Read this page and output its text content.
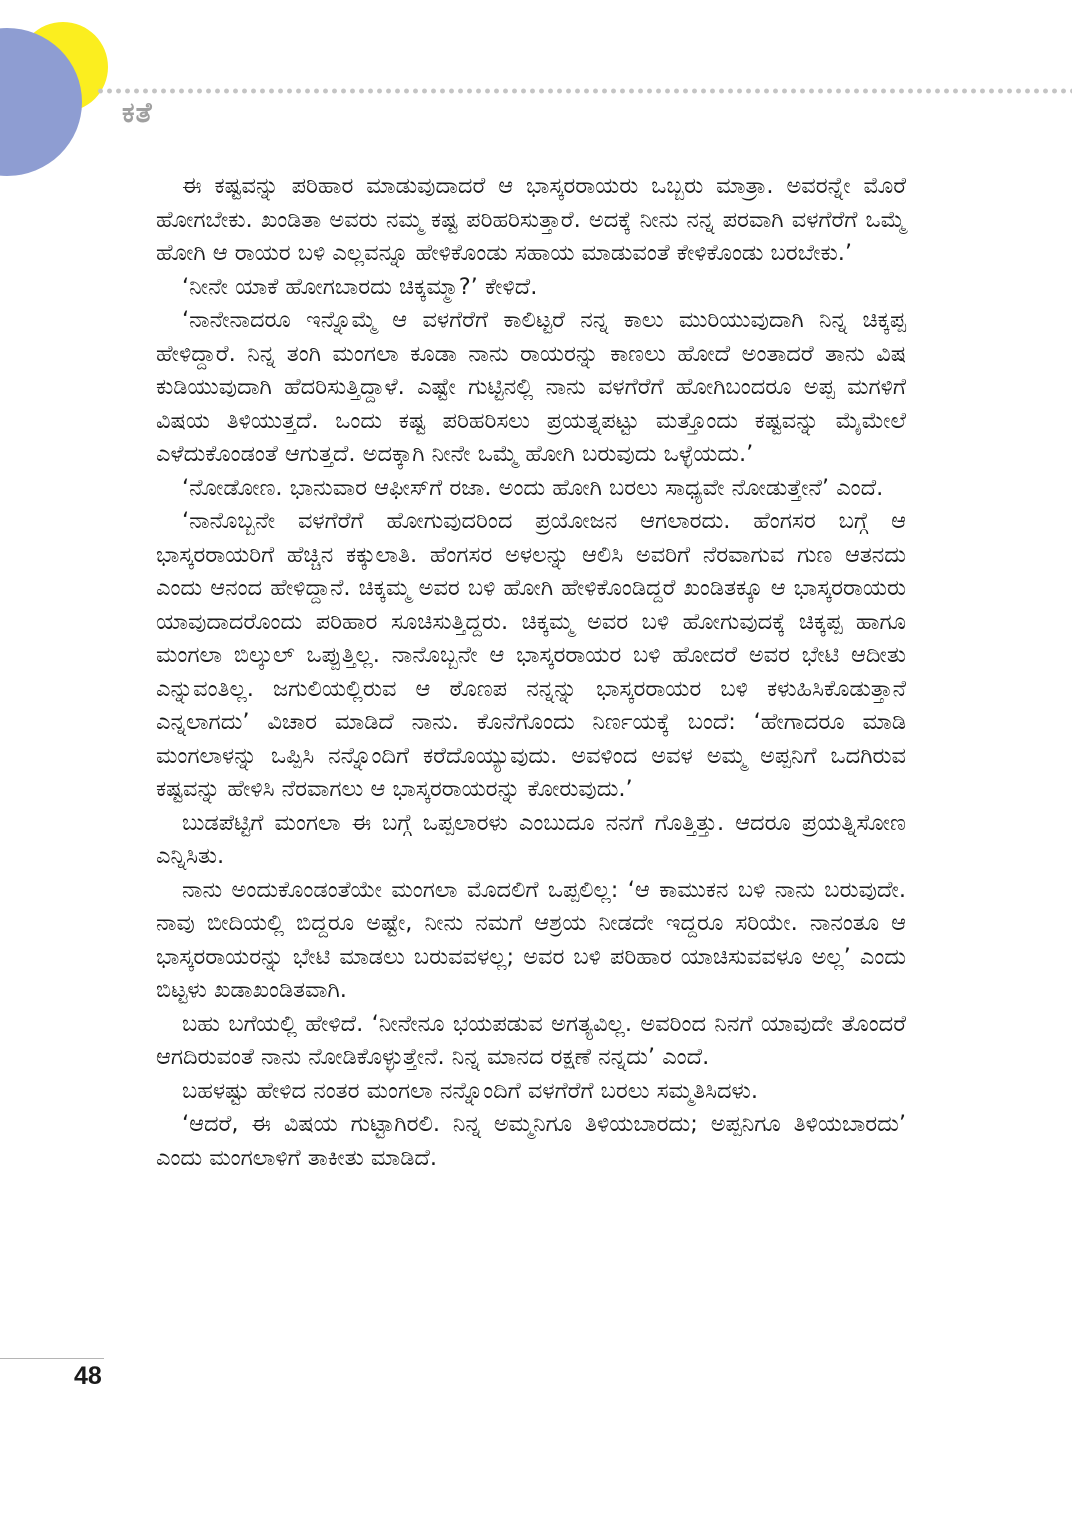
ಕತೆ

ಈ ಕಷ್ಟವನ್ನು ಪರಿಹಾರ ಮಾಡುವುದಾದರೆ ಆ ಭಾಸ್ಕರರಾಯರು ಒಬ್ಬರು ಮಾತ್ರಾ. ಅವರನ್ನೇ ಮೊರೆ ಹೋಗಬೇಕು. ಖಂಡಿತಾ ಅವರು ನಮ್ಮ ಕಷ್ಟ ಪರಿಹರಿಸುತ್ತಾರೆ. ಅದಕ್ಕೆ ನೀನು ನನ್ನ ಪರವಾಗಿ ವಳಗೆರೆಗೆ ಒಮ್ಮೆ ಹೋಗಿ ಆ ರಾಯರ ಬಳಿ ಎಲ್ಲವನ್ನೂ ಹೇಳಿಕೊಂಡು ಸಹಾಯ ಮಾಡುವಂತೆ ಕೇಳಿಕೊಂಡು ಬರಬೇಕು.’

‘ನೀನೇ ಯಾಕೆ ಹೋಗಬಾರದು ಚಿಕ್ಕಮ್ಮಾ?’ ಕೇಳಿದೆ.

‘ನಾನೇನಾದರೂ ಇನ್ನೊಮ್ಮೆ ಆ ವಳಗೆರೆಗೆ ಕಾಲಿಟ್ಟರೆ ನನ್ನ ಕಾಲು ಮುರಿಯುವುದಾಗಿ ನಿನ್ನ ಚಿಕ್ಕಪ್ಪ ಹೇಳಿದ್ದಾರೆ. ನಿನ್ನ ತಂಗಿ ಮಂಗಲಾ ಕೂಡಾ ನಾನು ರಾಯರನ್ನು ಕಾಣಲು ಹೋದೆ ಅಂತಾದರೆ ತಾನು ವಿಷ ಕುಡಿಯುವುದಾಗಿ ಹೆದರಿಸುತ್ತಿದ್ದಾಳೆ. ಎಷ್ಟೇ ಗುಟ್ಟಿನಲ್ಲಿ ನಾನು ವಳಗೆರೆಗೆ ಹೋಗಿಬಂದರೂ ಅಪ್ಪ ಮಗಳಿಗೆ ವಿಷಯ ತಿಳಿಯುತ್ತದೆ. ಒಂದು ಕಷ್ಟ ಪರಿಹರಿಸಲು ಪ್ರಯತ್ನಪಟ್ಟು ಮತ್ತೊಂದು ಕಷ್ಟವನ್ನು ಮೈಮೇಲೆ ಎಳೆದುಕೊಂಡಂತೆ ಆಗುತ್ತದೆ. ಅದಕ್ಕಾಗಿ ನೀನೇ ಒಮ್ಮೆ ಹೋಗಿ ಬರುವುದು ಒಳ್ಳೆಯದು.’

‘ನೋಡೋಣ. ಭಾನುವಾರ ಆಫೀಸ್‌ಗೆ ರಜಾ. ಅಂದು ಹೋಗಿ ಬರಲು ಸಾಧ್ಯವೇ ನೋಡುತ್ತೇನೆ’ ಎಂದೆ.

‘ನಾನೊಬ್ಬನೇ ವಳಗೆರೆಗೆ ಹೋಗುವುದರಿಂದ ಪ್ರಯೋಜನ ಆಗಲಾರದು. ಹೆಂಗಸರ ಬಗ್ಗೆ ಆ ಭಾಸ್ಕರರಾಯರಿಗೆ ಹೆಚ್ಚಿನ ಕಕ್ಕುಲಾತಿ. ಹೆಂಗಸರ ಅಳಲನ್ನು ಆಲಿಸಿ ಅವರಿಗೆ ನೆರವಾಗುವ ಗುಣ ಆತನದು ಎಂದು ಆನಂದ ಹೇಳಿದ್ದಾನೆ. ಚಿಕ್ಕಮ್ಮ ಅವರ ಬಳಿ ಹೋಗಿ ಹೇಳಿಕೊಂಡಿದ್ದರೆ ಖಂಡಿತಕ್ಕೂ ಆ ಭಾಸ್ಕರರಾಯರು ಯಾವುದಾದರೊಂದು ಪರಿಹಾರ ಸೂಚಿಸುತ್ತಿದ್ದರು. ಚಿಕ್ಕಮ್ಮ ಅವರ ಬಳಿ ಹೋಗುವುದಕ್ಕೆ ಚಿಕ್ಕಪ್ಪ ಹಾಗೂ ಮಂಗಲಾ ಬಿಲ್ಕುಲ್ ಒಪ್ಪುತ್ತಿಲ್ಲ. ನಾನೊಬ್ಬನೇ ಆ ಭಾಸ್ಕರರಾಯರ ಬಳಿ ಹೋದರೆ ಅವರ ಭೇಟಿ ಆದೀತು ಎನ್ನುವಂತಿಲ್ಲ. ಜಗುಲಿಯಲ್ಲಿರುವ ಆ ಠೊಣಪ ನನ್ನನ್ನು ಭಾಸ್ಕರರಾಯರ ಬಳಿ ಕಳುಹಿಸಿಕೊಡುತ್ತಾನೆ ಎನ್ನಲಾಗದು’ ವಿಚಾರ ಮಾಡಿದೆ ನಾನು. ಕೊನೆಗೊಂದು ನಿರ್ಣಯಕ್ಕೆ ಬಂದೆ: ‘ಹೇಗಾದರೂ ಮಾಡಿ ಮಂಗಲಾಳನ್ನು ಒಪ್ಪಿಸಿ ನನ್ನೊಂದಿಗೆ ಕರೆದೊಯ್ಯುವುದು. ಅವಳಿಂದ ಅವಳ ಅಮ್ಮ ಅಪ್ಪನಿಗೆ ಒದಗಿರುವ ಕಷ್ಟವನ್ನು ಹೇಳಿಸಿ ನೆರವಾಗಲು ಆ ಭಾಸ್ಕರರಾಯರನ್ನು ಕೋರುವುದು.’

ಬುಡಪೆಟ್ಟಿಗೆ ಮಂಗಲಾ ಈ ಬಗ್ಗೆ ಒಪ್ಪಲಾರಳು ಎಂಬುದೂ ನನಗೆ ಗೊತ್ತಿತ್ತು. ಆದರೂ ಪ್ರಯತ್ನಿಸೋಣ ಎನ್ನಿಸಿತು.

ನಾನು ಅಂದುಕೊಂಡಂತೆಯೇ ಮಂಗಲಾ ಮೊದಲಿಗೆ ಒಪ್ಪಲಿಲ್ಲ: ‘ಆ ಕಾಮುಕನ ಬಳಿ ನಾನು ಬರುವುದೇ. ನಾವು ಬೀದಿಯಲ್ಲಿ ಬಿದ್ದರೂ ಅಷ್ಟೇ, ನೀನು ನಮಗೆ ಆಶ್ರಯ ನೀಡದೇ ಇದ್ದರೂ ಸರಿಯೇ. ನಾನಂತೂ ಆ ಭಾಸ್ಕರರಾಯರನ್ನು ಭೇಟಿ ಮಾಡಲು ಬರುವವಳಲ್ಲ; ಅವರ ಬಳಿ ಪರಿಹಾರ ಯಾಚಿಸುವವಳೂ ಅಲ್ಲ’ ಎಂದು ಬಿಟ್ಟಳು ಖಡಾಖಂಡಿತವಾಗಿ.

ಬಹು ಬಗೆಯಲ್ಲಿ ಹೇಳಿದೆ. ‘ನೀನೇನೂ ಭಯಪಡುವ ಅಗತ್ಯವಿಲ್ಲ. ಅವರಿಂದ ನಿನಗೆ ಯಾವುದೇ ತೊಂದರೆ ಆಗದಿರುವಂತೆ ನಾನು ನೋಡಿಕೊಳ್ಳುತ್ತೇನೆ. ನಿನ್ನ ಮಾನದ ರಕ್ಷಣೆ ನನ್ನದು’ ಎಂದೆ.

ಬಹಳಷ್ಟು ಹೇಳಿದ ನಂತರ ಮಂಗಲಾ ನನ್ನೊಂದಿಗೆ ವಳಗೆರೆಗೆ ಬರಲು ಸಮ್ಮತಿಸಿದಳು.

‘ಆದರೆ, ಈ ವಿಷಯ ಗುಟ್ಟಾಗಿರಲಿ. ನಿನ್ನ ಅಮ್ಮನಿಗೂ ತಿಳಿಯಬಾರದು; ಅಪ್ಪನಿಗೂ ತಿಳಿಯಬಾರದು’ ಎಂದು ಮಂಗಲಾಳಿಗೆ ತಾಕೀತು ಮಾಡಿದೆ.

48
